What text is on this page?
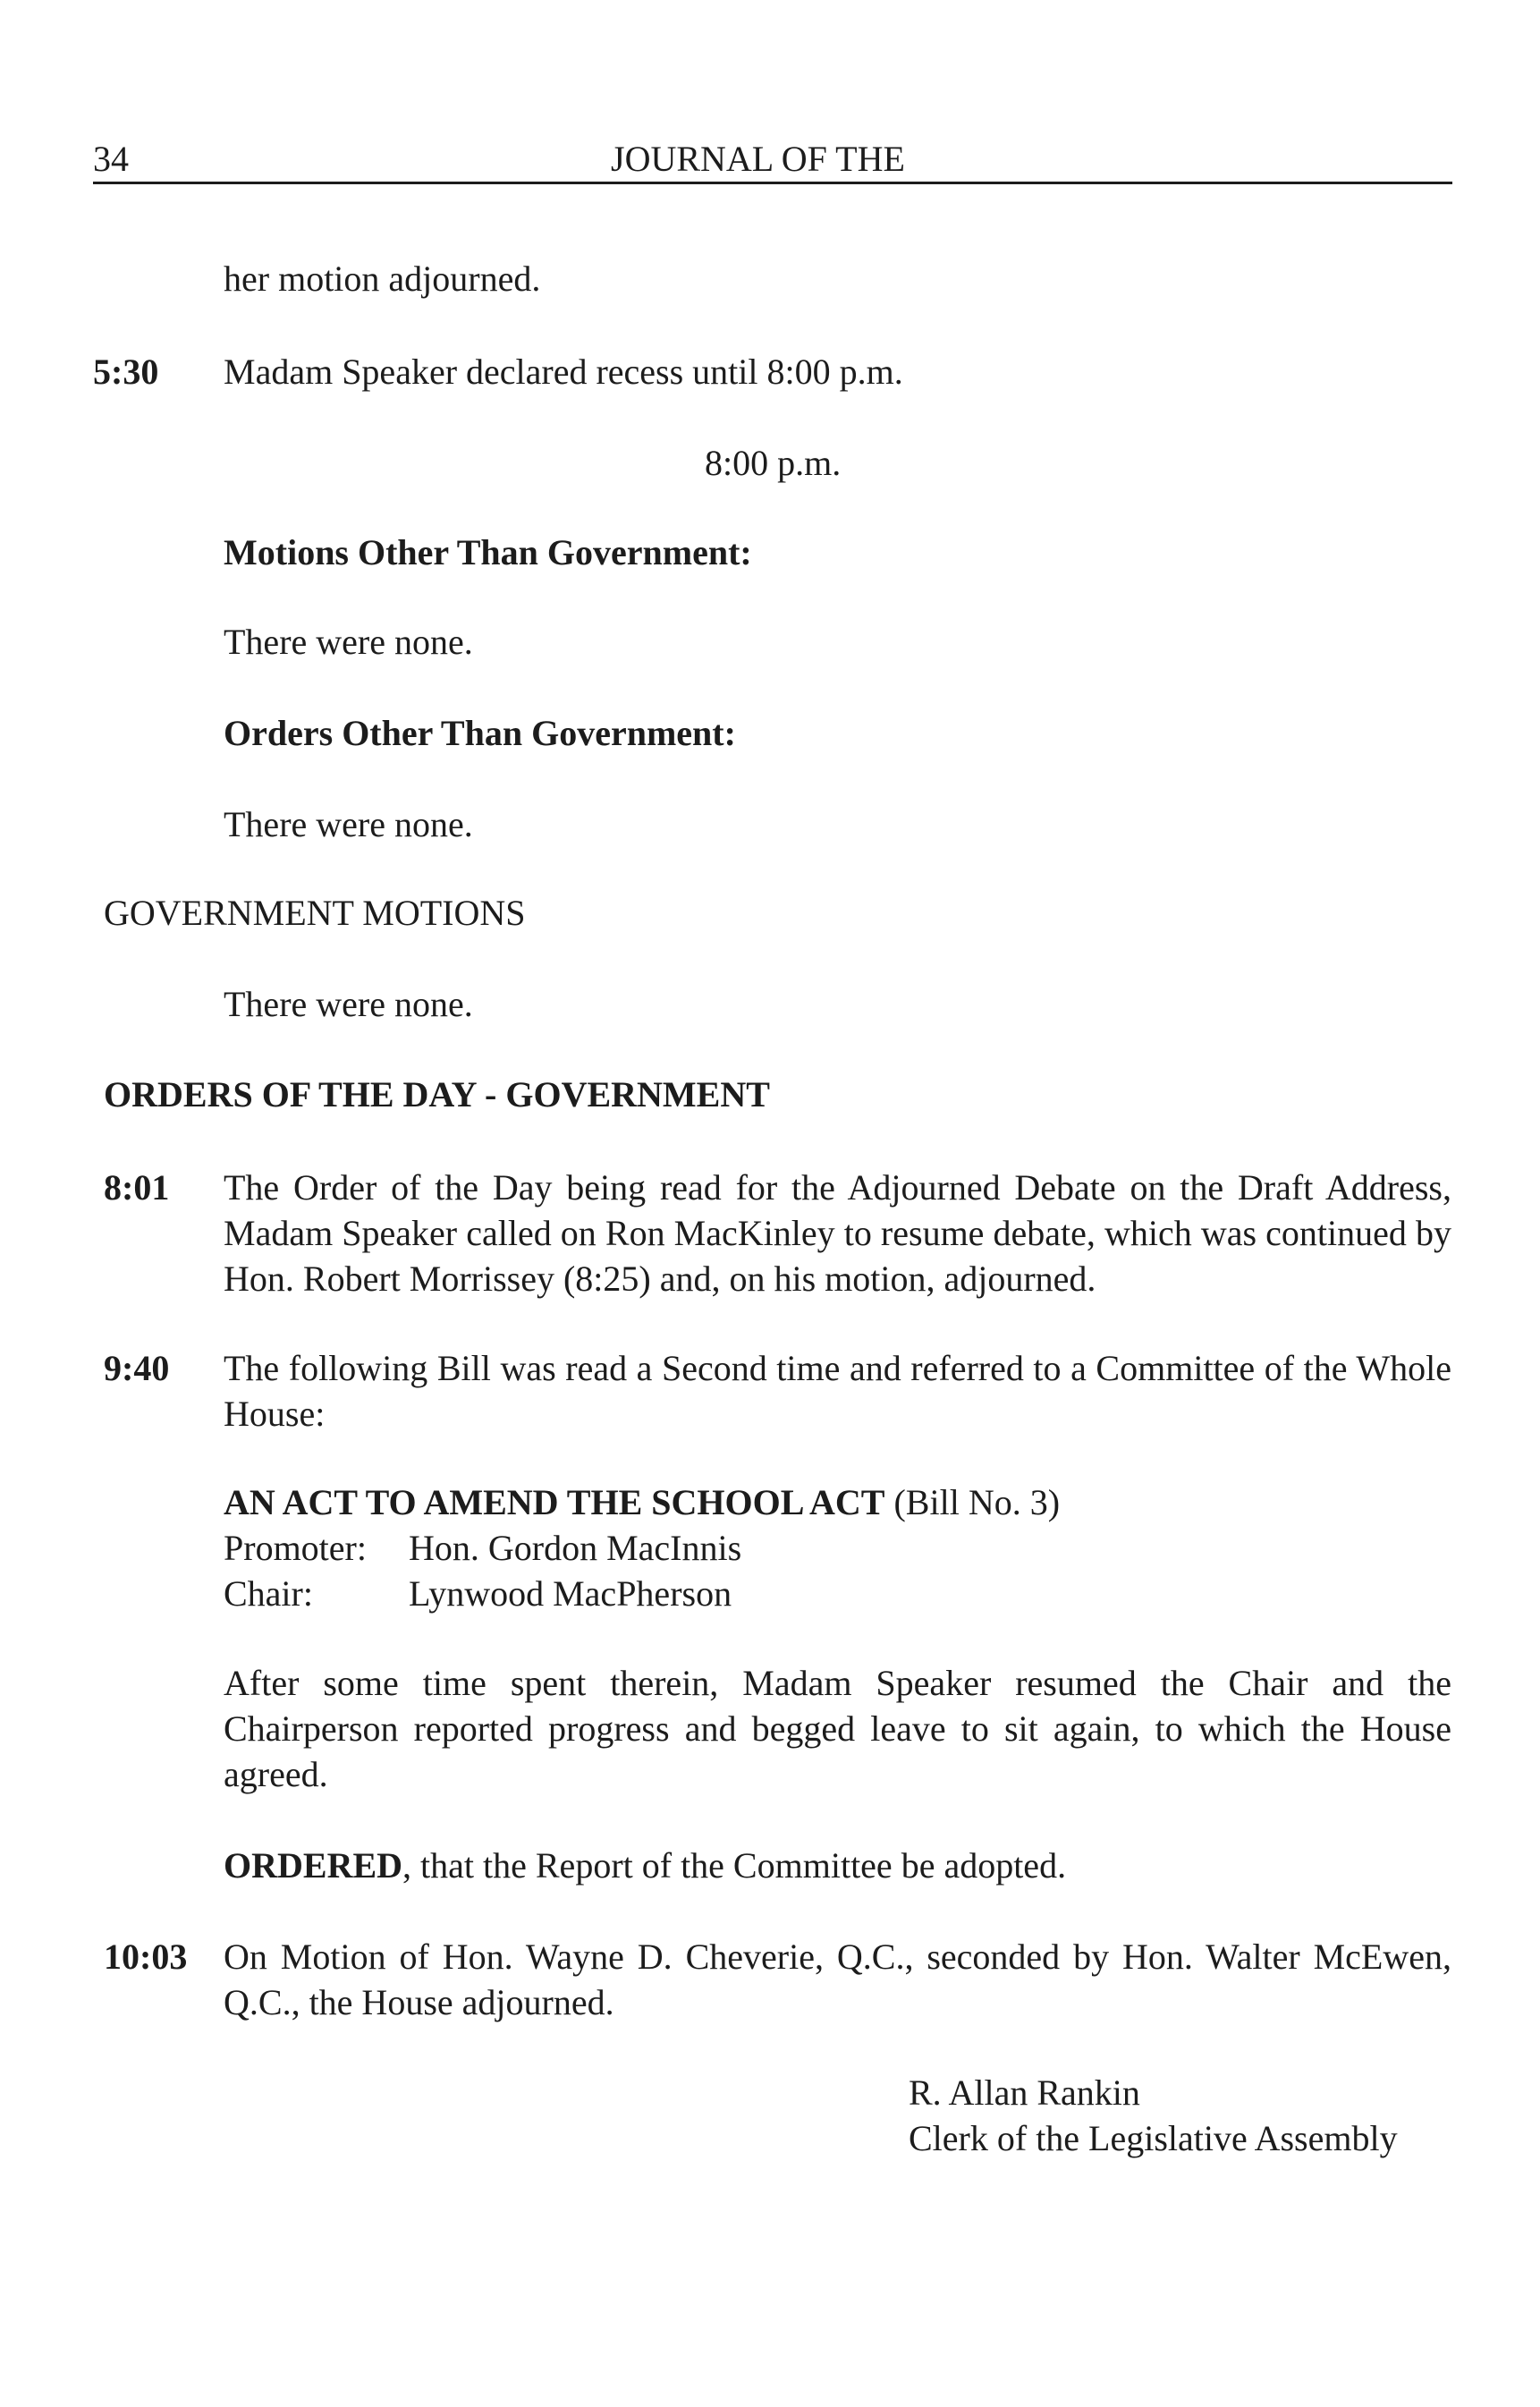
34	JOURNAL OF THE
her motion adjourned.
5:30 Madam Speaker declared recess until 8:00 p.m.
8:00 p.m.
Motions Other Than Government:
There were none.
Orders Other Than Government:
There were none.
GOVERNMENT MOTIONS
There were none.
ORDERS OF THE DAY - GOVERNMENT
8:01 The Order of the Day being read for the Adjourned Debate on the Draft Address, Madam Speaker called on Ron MacKinley to resume debate, which was continued by Hon. Robert Morrissey (8:25) and, on his motion, adjourned.
9:40 The following Bill was read a Second time and referred to a Committee of the Whole House:
AN ACT TO AMEND THE SCHOOL ACT (Bill No. 3)
Promoter: Hon. Gordon MacInnis
Chair:	Lynwood MacPherson
After some time spent therein, Madam Speaker resumed the Chair and the Chairperson reported progress and begged leave to sit again, to which the House agreed.
ORDERED, that the Report of the Committee be adopted.
10:03 On Motion of Hon. Wayne D. Cheverie, Q.C., seconded by Hon. Walter McEwen, Q.C., the House adjourned.
R. Allan Rankin
Clerk of the Legislative Assembly
